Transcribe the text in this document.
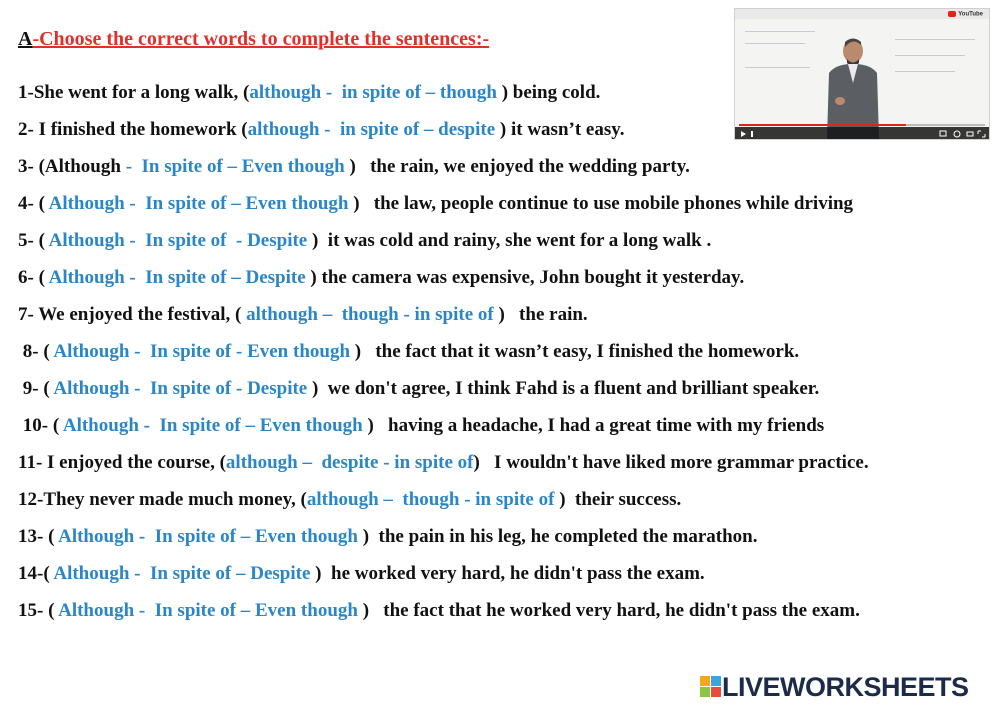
A-Choose the correct words to complete the sentences:-
1-She went for a long walk, (although -  in spite of – though ) being cold.
2- I finished the homework (although -  in spite of – despite ) it wasn’t easy.
3- (Although -  In spite of – Even though )   the rain, we enjoyed the wedding party.
4- ( Although -  In spite of – Even though )   the law, people continue to use mobile phones while driving
5- ( Although -  In spite of  - Despite )  it was cold and rainy, she went for a long walk .
6- ( Although -  In spite of – Despite ) the camera was expensive, John bought it yesterday.
7- We enjoyed the festival, ( although –  though - in spite of )   the rain.
8- ( Although -  In spite of - Even though )   the fact that it wasn’t easy, I finished the homework.
9- ( Although -  In spite of - Despite )  we don't agree, I think Fahd is a fluent and brilliant speaker.
10- ( Although -  In spite of – Even though )   having a headache, I had a great time with my friends
11- I enjoyed the course, (although –  despite - in spite of)   I wouldn't have liked more grammar practice.
12-They never made much money, (although –  though - in spite of )  their success.
13- ( Although -  In spite of – Even though )  the pain in his leg, he completed the marathon.
14-( Although -  In spite of – Despite )  he worked very hard, he didn't pass the exam.
15- ( Although -  In spite of – Even though )   the fact that he worked very hard, he didn't pass the exam.
YouTube
LIVEWORKSHEETS
